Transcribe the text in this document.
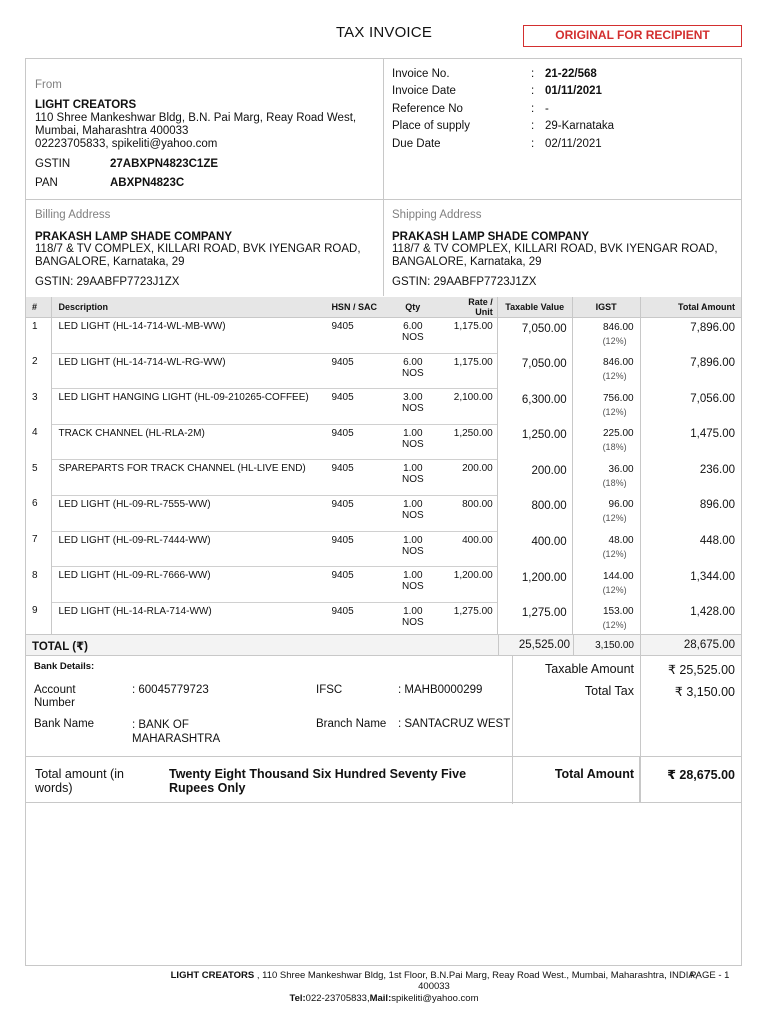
TAX INVOICE	ORIGINAL FOR RECIPIENT
From
LIGHT CREATORS
110 Shree Mankeshwar Bldg, B.N. Pai Marg, Reay Road West,
Mumbai, Maharashtra 400033
02223705833, spikeliti@yahoo.com
GSTIN	27ABXPN4823C1ZE
PAN	ABXPN4823C
Invoice No.	: 21-22/568
Invoice Date	: 01/11/2021
Reference No	: -
Place of supply	: 29-Karnataka
Due Date	: 02/11/2021
Billing Address
PRAKASH LAMP SHADE COMPANY
118/7 & TV COMPLEX, KILLARI ROAD, BVK IYENGAR ROAD,
BANGALORE, Karnataka, 29
GSTIN: 29AABFP7723J1ZX
Shipping Address
PRAKASH LAMP SHADE COMPANY
118/7 & TV COMPLEX, KILLARI ROAD, BVK IYENGAR ROAD,
BANGALORE, Karnataka, 29
GSTIN: 29AABFP7723J1ZX
#	Description	HSN / SAC	Qty	Rate / Unit	Taxable Value	IGST	Total Amount
1	LED LIGHT (HL-14-714-WL-MB-WW)	9405	6.00
NOS	1,175.00	7,050.00	846.00
(12%)	7,896.00
2	LED LIGHT (HL-14-714-WL-RG-WW)	9405	6.00
NOS	1,175.00	7,050.00	846.00
(12%)	7,896.00
3	LED LIGHT HANGING LIGHT (HL-09-210265-COFFEE)	9405	3.00
NOS	2,100.00	6,300.00	756.00
(12%)	7,056.00
4	TRACK CHANNEL (HL-RLA-2M)	9405	1.00
NOS	1,250.00	1,250.00	225.00
(18%)	1,475.00
5	SPAREPARTS FOR TRACK CHANNEL (HL-LIVE END)	9405	1.00
NOS	200.00	200.00	36.00
(18%)	236.00
6	LED LIGHT (HL-09-RL-7555-WW)	9405	1.00
NOS	800.00	800.00	96.00
(12%)	896.00
7	LED LIGHT (HL-09-RL-7444-WW)	9405	1.00
NOS	400.00	400.00	48.00
(12%)	448.00
8	LED LIGHT (HL-09-RL-7666-WW)	9405	1.00
NOS	1,200.00	1,200.00	144.00
(12%)	1,344.00
9	LED LIGHT (HL-14-RLA-714-WW)	9405	1.00
NOS	1,275.00	1,275.00	153.00
(12%)	1,428.00
TOTAL (₹)	25,525.00	3,150.00	28,675.00
Bank Details:
Account Number
: 60045779723	IFSC	: MAHB0000299
Bank Name	: BANK OF MAHARASHTRA
Branch Name : SANTACRUZ WEST
Taxable Amount	₹ 25,525.00
Total Tax	₹ 3,150.00
Total amount (in words)
Twenty Eight Thousand Six Hundred Seventy Five Rupees Only
Total Amount	₹ 28,675.00
LIGHT CREATORS , 110 Shree Mankeshwar Bldg, 1st Floor, B.N.Pai Marg, Reay Road West., Mumbai, Maharashtra, INDIA, 400033
PAGE - 1
Tel:022-23705833,Mail:spikeliti@yahoo.com
